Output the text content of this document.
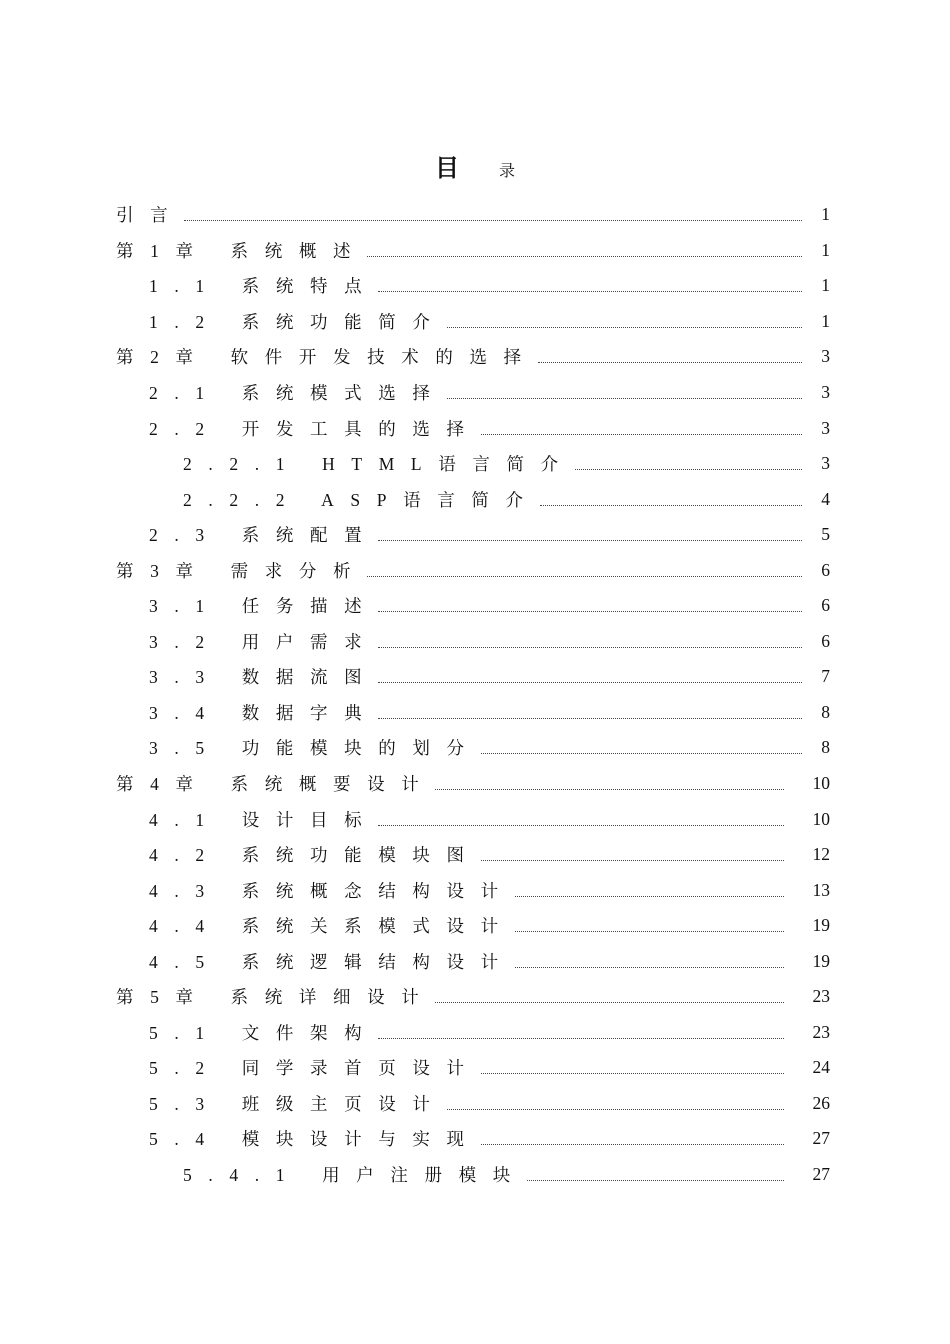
目	录
引言	1
第1章 系统概述	1
1.1 系统特点	1
1.2 系统功能简介	1
第2章 软件开发技术的选择	3
2.1 系统模式选择	3
2.2 开发工具的选择	3
2.2.1 HTML语言简介	3
2.2.2 ASP语言简介	4
2.3 系统配置	5
第3章 需求分析	6
3.1 任务描述	6
3.2 用户需求	6
3.3 数据流图	7
3.4 数据字典	8
3.5 功能模块的划分	8
第4章 系统概要设计	10
4.1 设计目标	10
4.2 系统功能模块图	12
4.3 系统概念结构设计	13
4.4 系统关系模式设计	19
4.5 系统逻辑结构设计	19
第5章 系统详细设计	23
5.1 文件架构	23
5.2 同学录首页设计	24
5.3 班级主页设计	26
5.4 模块设计与实现	27
5.4.1 用户注册模块	27
